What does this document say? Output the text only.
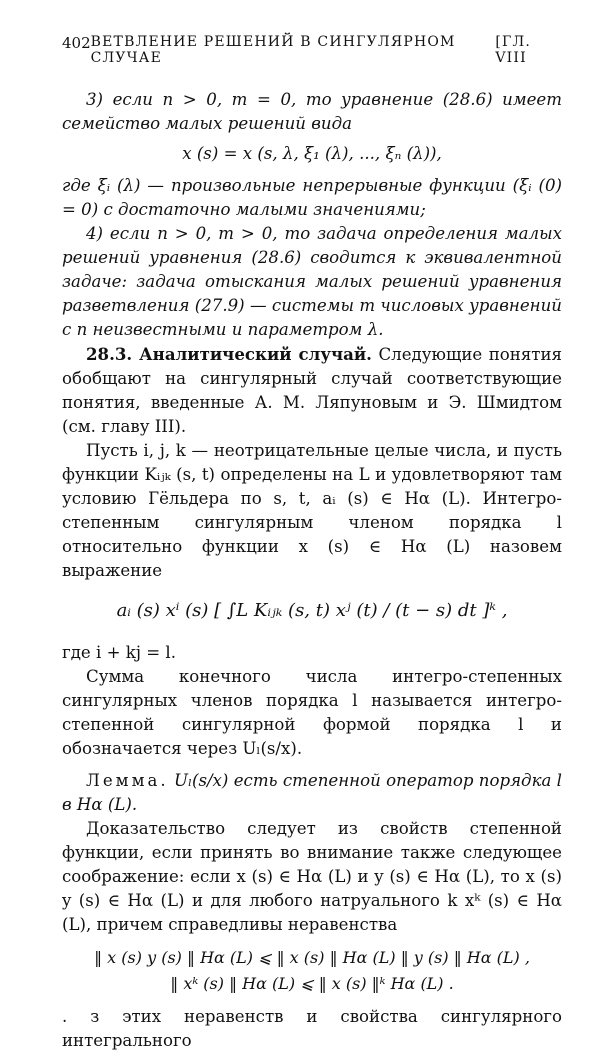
402 ВЕТВЛЕНИЕ РЕШЕНИЙ В СИНГУЛЯРНОМ СЛУЧАЕ
[ГЛ. VIII

3) если n > 0, m = 0, то уравнение (28.6) имеет семейство малых решений вида

x (s) = x (s, λ, ξ₁ (λ), ..., ξₙ (λ)),

где ξᵢ (λ) — произвольные непрерывные функции (ξᵢ (0) = 0) с достаточно малыми значениями;

4) если n > 0, m > 0, то задача определения малых решений уравнения (28.6) сводится к эквивалентной задаче: задача отыскания малых решений уравнения разветвления (27.9) — системы m числовых уравнений с n неизвестными и параметром λ.

28.3. Аналитический случай. Следующие понятия обобщают на сингулярный случай соответствующие понятия, введенные А. М. Ляпуновым и Э. Шмидтом (см. главу III).

Пусть i, j, k — неотрицательные целые числа, и пусть функции Kᵢⱼₖ (s, t) определены на L и удовлетворяют там условию Гёльдера по s, t, aᵢ (s) ∈ Hα (L). Интегро-степенным сингулярным членом порядка l относительно функции x (s) ∈ Hα (L) назовем выражение

aᵢ (s) xⁱ (s) [ ∫L Kᵢⱼₖ (s, t) xʲ (t) / (t − s) dt ]ᵏ ,

где i + kj = l.

Сумма конечного числа интегро-степенных сингулярных членов порядка l называется интегро-степенной сингулярной формой порядка l и обозначается через Uₗ(s/x).

Лемма. Uₗ(s/x) есть степенной оператор порядка l в Hα (L).

Доказательство следует из свойств степенной функции, если принять во внимание также следующее соображение: если x (s) ∈ Hα (L) и y (s) ∈ Hα (L), то x (s) y (s) ∈ Hα (L) и для любого натруального k xᵏ (s) ∈ Hα (L), причем справедливы неравенства

‖ x (s) y (s) ‖ Hα (L) ⩽ ‖ x (s) ‖ Hα (L) ‖ y (s) ‖ Hα (L) ,
‖ xᵏ (s) ‖ Hα (L) ⩽ ‖ x (s) ‖ᵏ Hα (L) .

. з этих неравенств и свойства сингулярного интегрального
